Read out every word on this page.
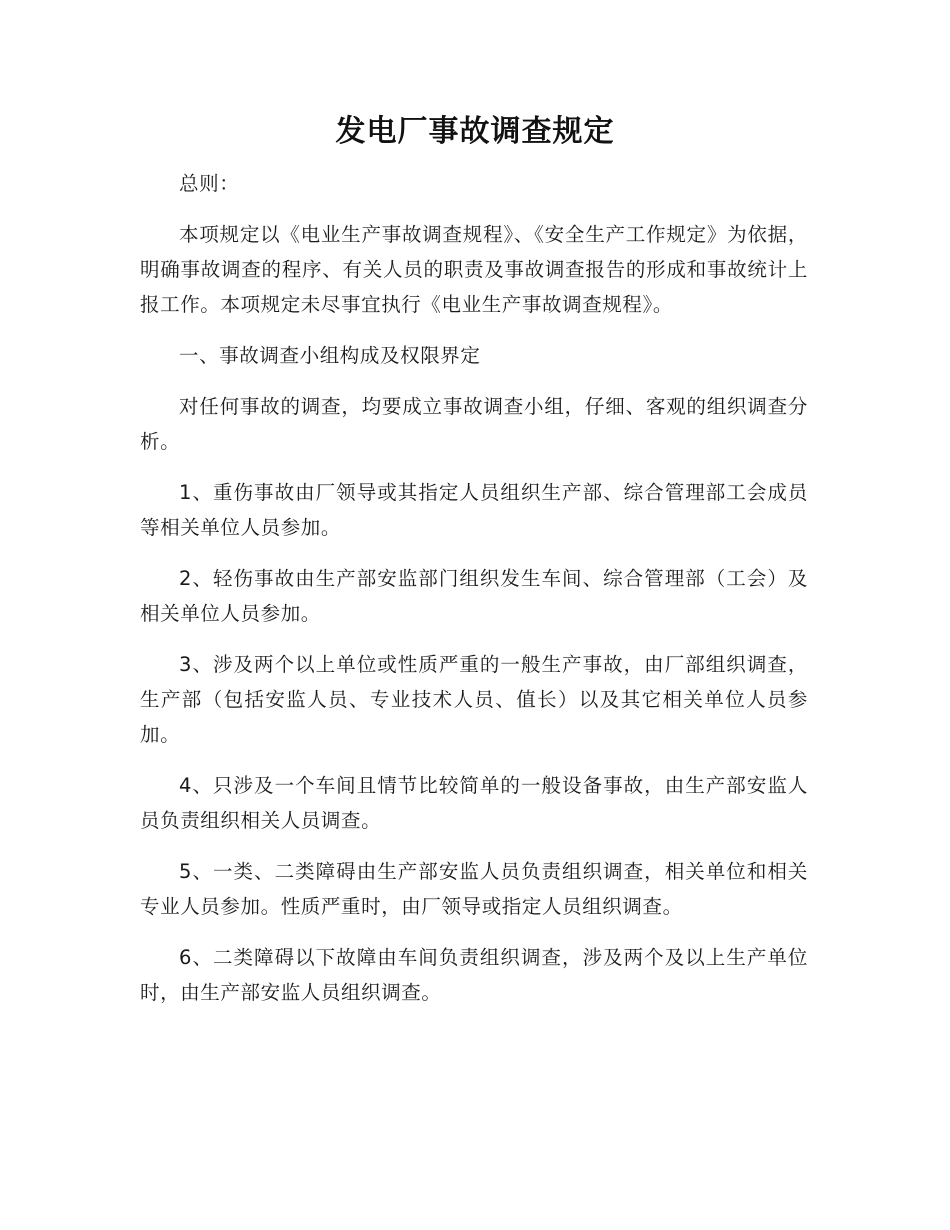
发电厂事故调查规定

总则：

本项规定以《电业生产事故调查规程》、《安全生产工作规定》为依据，明确事故调查的程序、有关人员的职责及事故调查报告的形成和事故统计上报工作。本项规定未尽事宜执行《电业生产事故调查规程》。

一、事故调查小组构成及权限界定

对任何事故的调查，均要成立事故调查小组，仔细、客观的组织调查分析。

1、重伤事故由厂领导或其指定人员组织生产部、综合管理部工会成员等相关单位人员参加。

2、轻伤事故由生产部安监部门组织发生车间、综合管理部（工会）及相关单位人员参加。

3、涉及两个以上单位或性质严重的一般生产事故，由厂部组织调查，生产部（包括安监人员、专业技术人员、值长）以及其它相关单位人员参加。

4、只涉及一个车间且情节比较简单的一般设备事故，由生产部安监人员负责组织相关人员调查。

5、一类、二类障碍由生产部安监人员负责组织调查，相关单位和相关专业人员参加。性质严重时，由厂领导或指定人员组织调查。

6、二类障碍以下故障由车间负责组织调查，涉及两个及以上生产单位时，由生产部安监人员组织调查。
